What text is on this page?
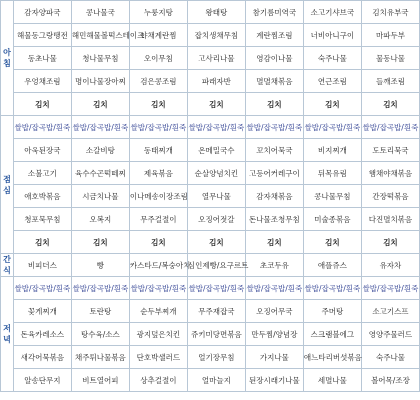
아 침	감자양파국	콩나물국	누룽지탕	왕태탕	참기름미역국	소고기샤브국	김치유부국
	해물동그랑땡전	해민해물볼떡스테이크	야채계란찜	잡치생채무침	계란찜조림	너비아니구이	마파두부
	동초나물	청나물무침	오이무침	고사리나물	영감이나물	숙주나물	물동나물
	우엉채조림	명이나물장아찌	검은콩조림	파래자반	멸멸채볶음	연근조림	들깨조림
	김치	김치	김치	김치	김치	김치	김치
점 심	쌀밥/잡곡밥/흰죽	쌀밥/잡곡밥/흰죽	쌀밥/잡곡밥/흰죽	쌀밥/잡곡밥/흰죽	쌀밥/잡곡밥/흰죽	쌀밥/잡곡밥/흰죽	쌀밥/잡곡밥/흰죽
	아욱된장국	소갈비탕	동태찌개	온메밀국수	꼬치어묵국	비지찌개	도토리묵국
	소불고기	육수수곤떡떼찌	제육볶음	순살양념치킨	고등어커레구이	뒤목유림	햄채야채볶음
	애호박볶음	시금치나물	이나메송이장조림	열무나물	감자채볶음	콩나물무침	간장떡볶음
	청포묵무침	오복지	무주걸절이	오징어젓갈	돈나물조청무침	미술종볶음	다진멸치볶음
	김치	김치	김치	김치	김치	김치	김치
간 식	비피더스	빵	카스타드/복숭아치	심인제빵/요구르트	초코두유	애플쥬스	유자차
저 녁	쌀밥/잡곡밥/흰죽	쌀밥/잡곡밥/흰죽	쌀밥/잡곡밥/흰죽	쌀밥/잡곡밥/흰죽	쌀밥/잡곡밥/흰죽	쌀밥/잡곡밥/흰죽	쌀밥/잡곡밥/흰죽
	꽃게찌개	토란탕	순두부찌개	무주재잡국	오징어무국	주머탕	소고기스프
	돈육카레소스	탕수육/소스	광지덮은치킨	쥬키미당면볶음	만두찜/양념장	스크램블에그	영양주물러드
	새각어묵볶음	채주튀나물볶음	단호박샐러드	얼기장무침	가지나물	애느타리버섯볶음	숙주나물
	알송단무지	비트열어피	상추걸절이	얼마늘지	된장시래기나물	세멸나물	볼어목/조장
